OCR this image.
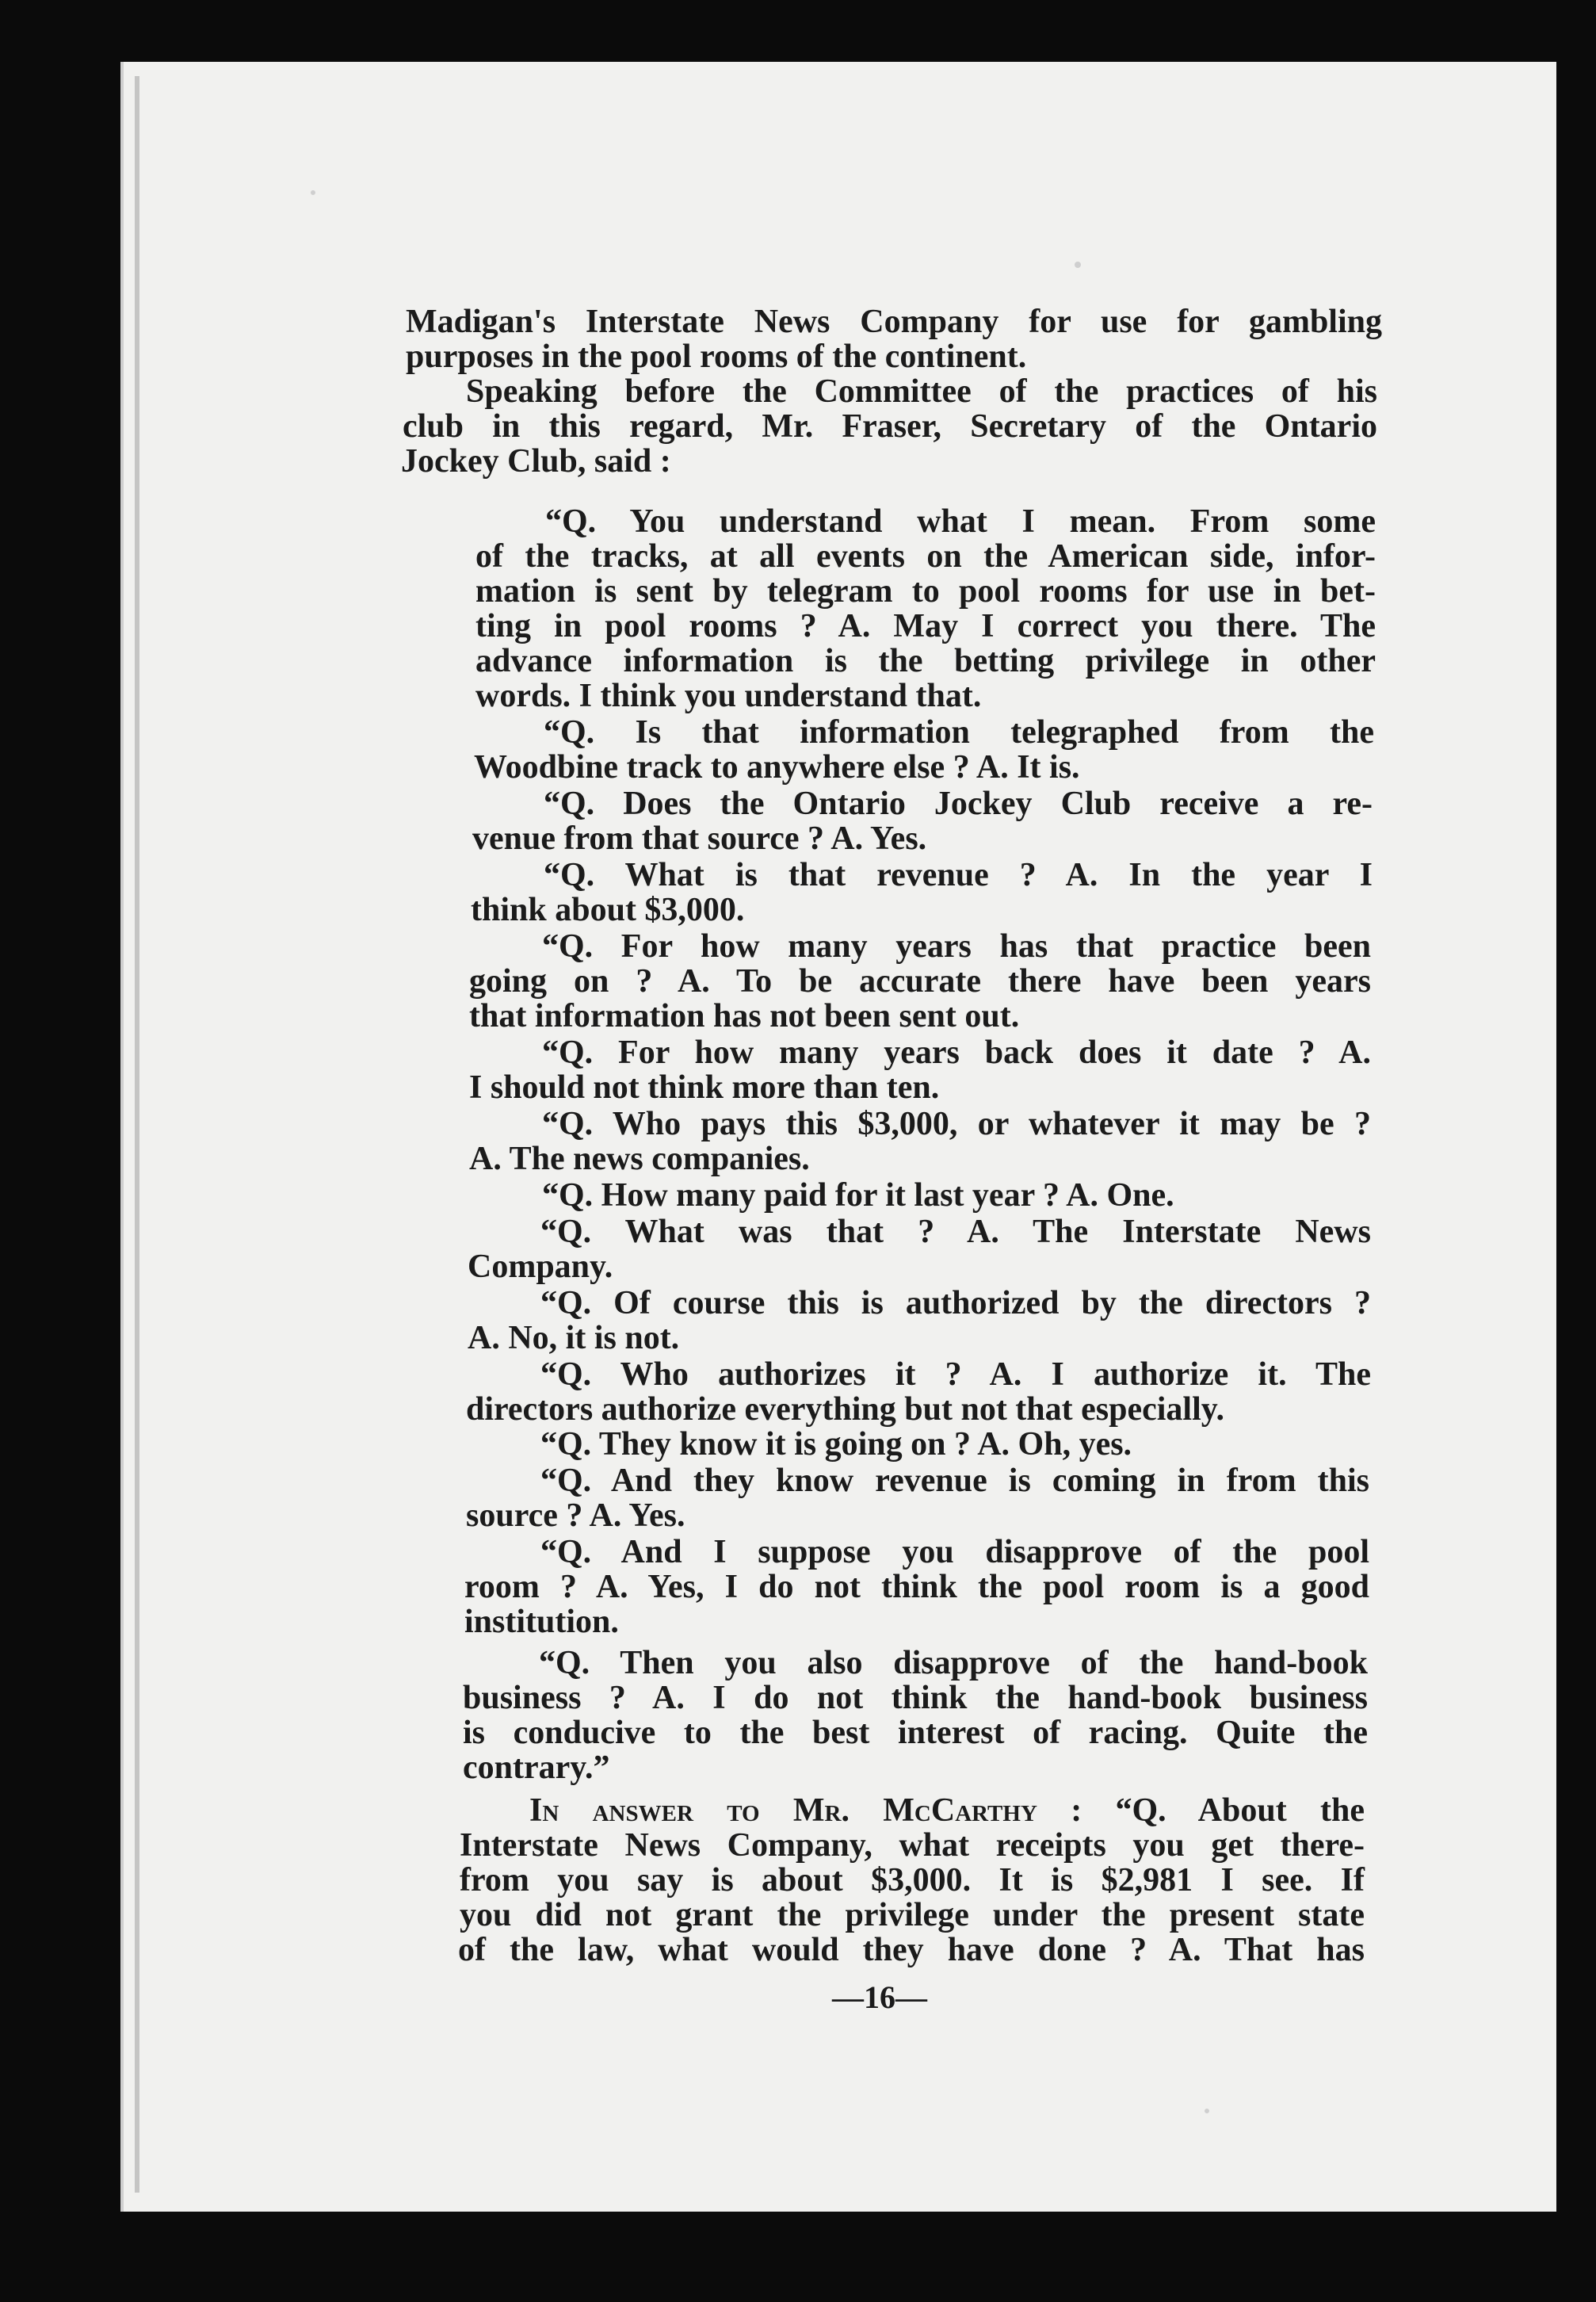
Madigan's Interstate News Company for use for gambling
purposes in the pool rooms of the continent.
Speaking before the Committee of the practices of his
club in this regard, Mr. Fraser, Secretary of the Ontario
Jockey Club, said :
“Q. You understand what I mean. From some
of the tracks, at all events on the American side, infor-
mation is sent by telegram to pool rooms for use in bet-
ting in pool rooms ? A. May I correct you there. The
advance information is the betting privilege in other
words. I think you understand that.
“Q. Is that information telegraphed from the
Woodbine track to anywhere else ? A. It is.
“Q. Does the Ontario Jockey Club receive a re-
venue from that source ? A. Yes.
“Q. What is that revenue ? A. In the year I
think about $3,000.
“Q. For how many years has that practice been
going on ? A. To be accurate there have been years
that information has not been sent out.
“Q. For how many years back does it date ? A.
I should not think more than ten.
“Q. Who pays this $3,000, or whatever it may be ?
A. The news companies.
“Q. How many paid for it last year ? A. One.
“Q. What was that ? A. The Interstate News
Company.
“Q. Of course this is authorized by the directors ?
A. No, it is not.
“Q. Who authorizes it ? A. I authorize it. The
directors authorize everything but not that especially.
“Q. They know it is going on ? A. Oh, yes.
“Q. And they know revenue is coming in from this
source ? A. Yes.
“Q. And I suppose you disapprove of the pool
room ? A. Yes, I do not think the pool room is a good
institution.
“Q. Then you also disapprove of the hand-book
business ? A. I do not think the hand-book business
is conducive to the best interest of racing. Quite the
contrary.”
In answer to Mr. McCarthy : “Q. About the
Interstate News Company, what receipts you get there-
from you say is about $3,000. It is $2,981 I see. If
you did not grant the privilege under the present state
of the law, what would they have done ? A. That has
—16—
